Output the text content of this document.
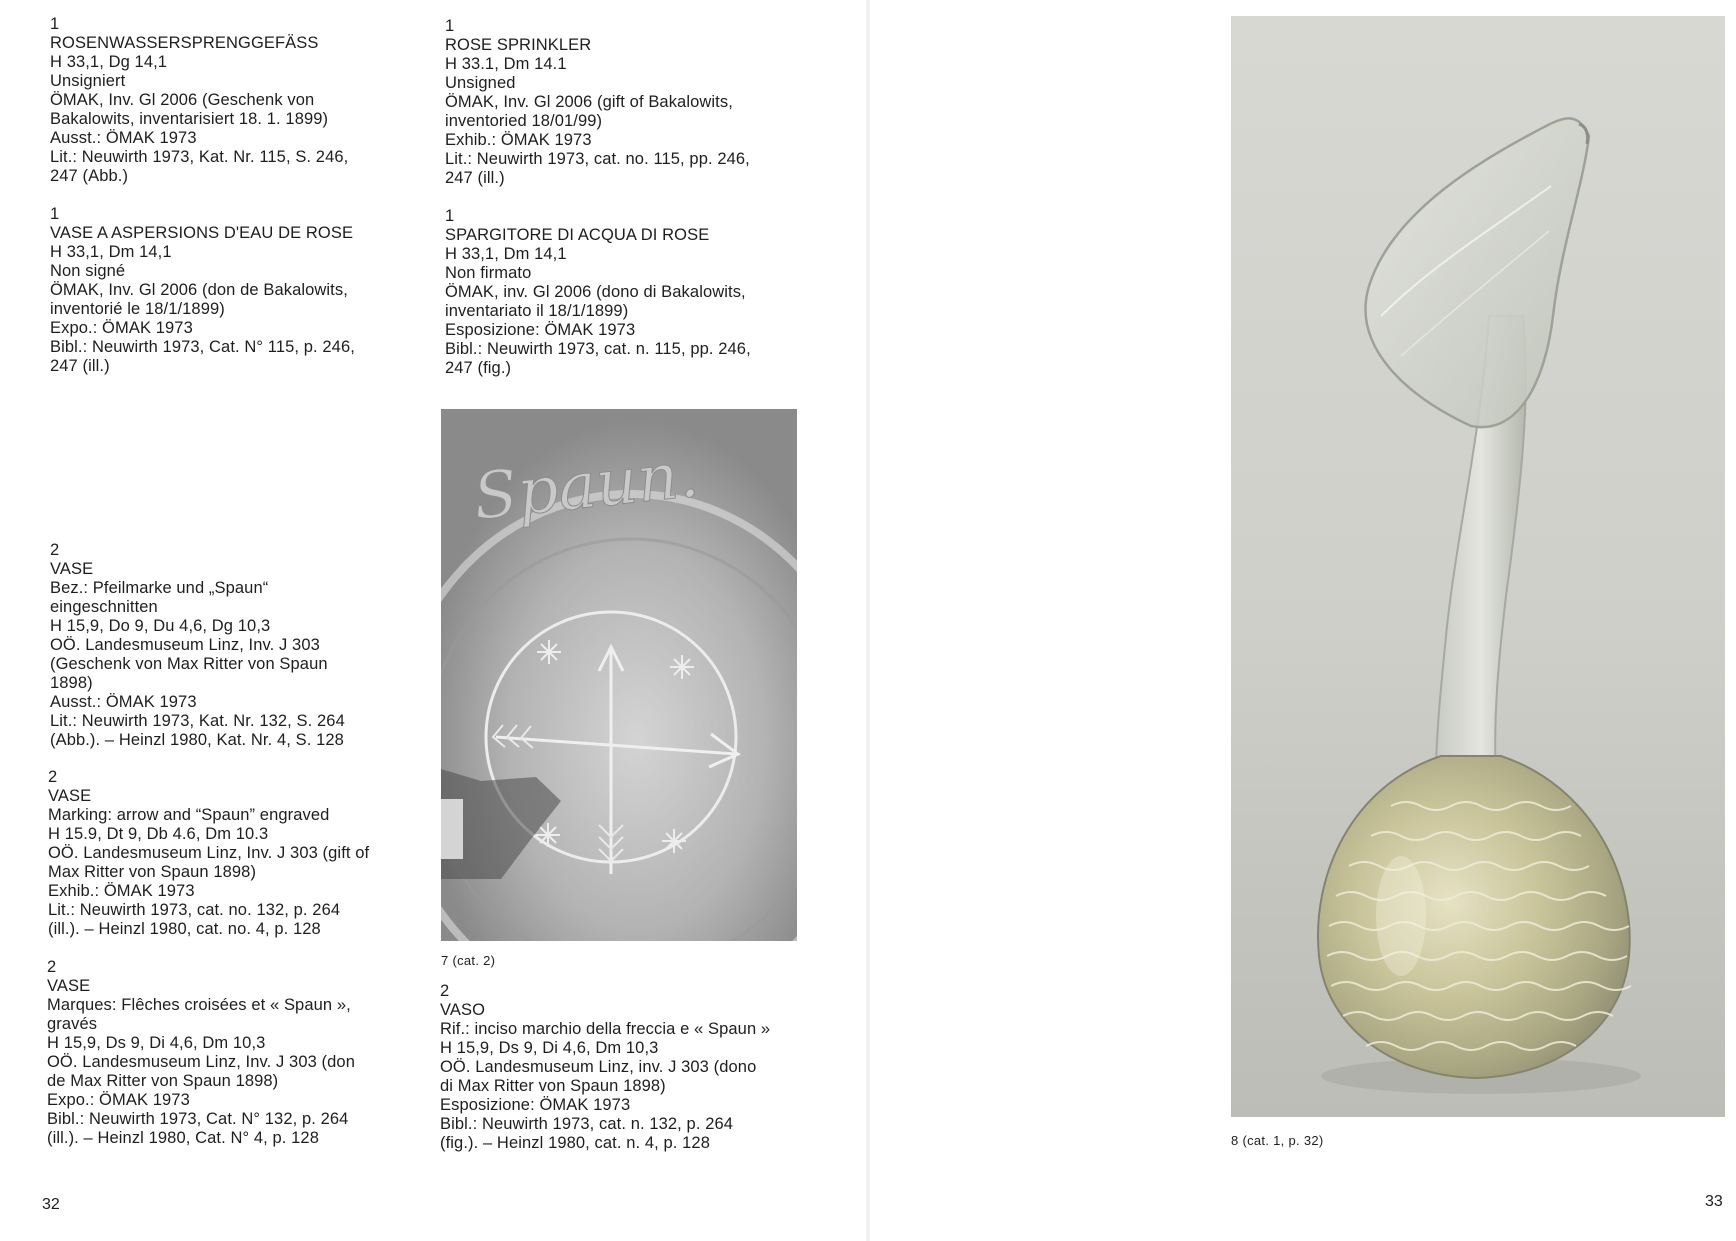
1
ROSENWASSERSPRENGGEFÄSS
H 33,1, Dg 14,1
Unsigniert
ÖMAK, Inv. Gl 2006 (Geschenk von
Bakalowits, inventarisiert 18. 1. 1899)
Ausst.: ÖMAK 1973
Lit.: Neuwirth 1973, Kat. Nr. 115, S. 246,
247 (Abb.)
1
VASE A ASPERSIONS D'EAU DE ROSE
H 33,1, Dm 14,1
Non signé
ÖMAK, Inv. Gl 2006 (don de Bakalowits,
inventorié le 18/1/1899)
Expo.: ÖMAK 1973
Bibl.: Neuwirth 1973, Cat. N° 115, p. 246,
247 (ill.)
2
VASE
Bez.: Pfeilmarke und „Spaun“
eingeschnitten
H 15,9, Do 9, Du 4,6, Dg 10,3
OÖ. Landesmuseum Linz, Inv. J 303
(Geschenk von Max Ritter von Spaun
1898)
Ausst.: ÖMAK 1973
Lit.: Neuwirth 1973, Kat. Nr. 132, S. 264
(Abb.). – Heinzl 1980, Kat. Nr. 4, S. 128
2
VASE
Marking: arrow and “Spaun” engraved
H 15.9, Dt 9, Db 4.6, Dm 10.3
OÖ. Landesmuseum Linz, Inv. J 303 (gift of
Max Ritter von Spaun 1898)
Exhib.: ÖMAK 1973
Lit.: Neuwirth 1973, cat. no. 132, p. 264
(ill.). – Heinzl 1980, cat. no. 4, p. 128
2
VASE
Marques: Flêches croisées et « Spaun »,
gravés
H 15,9, Ds 9, Di 4,6, Dm 10,3
OÖ. Landesmuseum Linz, Inv. J 303 (don
de Max Ritter von Spaun 1898)
Expo.: ÖMAK 1973
Bibl.: Neuwirth 1973, Cat. N° 132, p. 264
(ill.). – Heinzl 1980, Cat. N° 4, p. 128
1
ROSE SPRINKLER
H 33.1, Dm 14.1
Unsigned
ÖMAK, Inv. Gl 2006 (gift of Bakalowits,
inventoried 18/01/99)
Exhib.: ÖMAK 1973
Lit.: Neuwirth 1973, cat. no. 115, pp. 246,
247 (ill.)
1
SPARGITORE DI ACQUA DI ROSE
H 33,1, Dm 14,1
Non firmato
ÖMAK, inv. Gl 2006 (dono di Bakalowits,
inventariato il 18/1/1899)
Esposizione: ÖMAK 1973
Bibl.: Neuwirth 1973, cat. n. 115, pp. 246,
247 (fig.)
Spaun.
7 (cat. 2)
2
VASO
Rif.: inciso marchio della freccia e « Spaun »
H 15,9, Ds 9, Di 4,6, Dm 10,3
OÖ. Landesmuseum Linz, inv. J 303 (dono
di Max Ritter von Spaun 1898)
Esposizione: ÖMAK 1973
Bibl.: Neuwirth 1973, cat. n. 132, p. 264
(fig.). – Heinzl 1980, cat. n. 4, p. 128
32	33
8 (cat. 1, p. 32)
